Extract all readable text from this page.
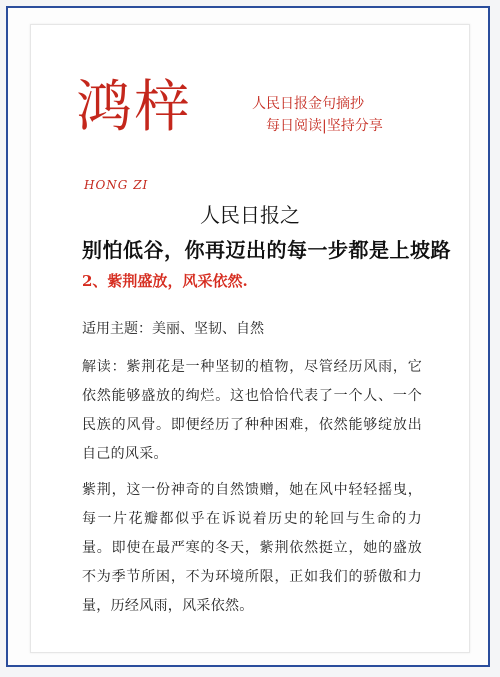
鸿梓	人民日报金句摘抄
每日阅读|坚持分享
HONG ZI
人民日报之
别怕低谷，你再迈出的每一步都是上坡路
2、紫荆盛放，风采依然.
适用主题：美丽、坚韧、自然
解读：紫荆花是一种坚韧的植物，尽管经历风雨，它依然能够盛放的绚烂。这也恰恰代表了一个人、一个民族的风骨。即便经历了种种困难，依然能够绽放出自己的风采。
紫荆，这一份神奇的自然馈赠，她在风中轻轻摇曳，每一片花瓣都似乎在诉说着历史的轮回与生命的力量。即使在最严寒的冬天，紫荆依然挺立，她的盛放不为季节所困，不为环境所限，正如我们的骄傲和力量，历经风雨，风采依然。
